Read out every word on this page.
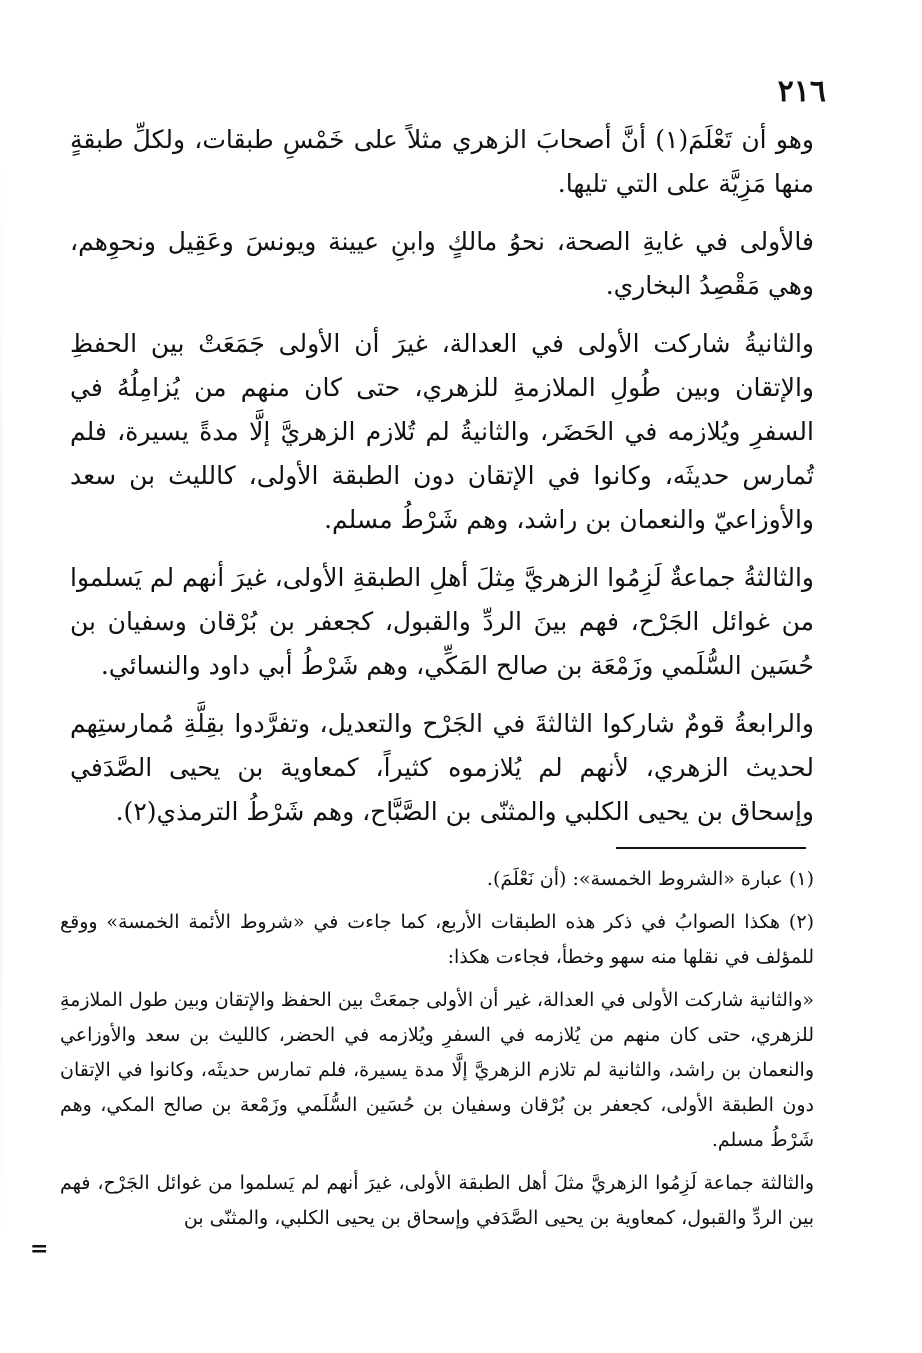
٢١٦

وهو أن تَعْلَمَ(١) أنَّ أصحابَ الزهري مثلاً على خَمْسِ طبقات، ولكلِّ طبقةٍ منها مَزِيَّة على التي تليها.

فالأولى في غايةِ الصحة، نحوُ مالكٍ وابنِ عيينة ويونسَ وعَقِيل ونحوِهم، وهي مَقْصِدُ البخاري.

والثانيةُ شاركت الأولى في العدالة، غيرَ أن الأولى جَمَعَتْ بين الحفظِ والإتقان وبين طُولِ الملازمةِ للزهري، حتى كان منهم من يُزامِلُهُ في السفرِ ويُلازمه في الحَضَر، والثانيةُ لم تُلازم الزهريَّ إلَّا مدةً يسيرة، فلم تُمارس حديثَه، وكانوا في الإتقان دون الطبقة الأولى، كالليث بن سعد والأوزاعيّ والنعمان بن راشد، وهم شَرْطُ مسلم.

والثالثةُ جماعةٌ لَزِمُوا الزهريَّ مِثلَ أهلِ الطبقةِ الأولى، غيرَ أنهم لم يَسلموا من غوائل الجَرْح، فهم بينَ الردِّ والقبول، كجعفر بن بُرْقان وسفيان بن حُسَين السُّلَمي وزَمْعَة بن صالح المَكِّي، وهم شَرْطُ أبي داود والنسائي.

والرابعةُ قومٌ شاركوا الثالثةَ في الجَرْح والتعديل، وتفرَّدوا بقِلَّةِ مُمارستِهم لحديث الزهري، لأنهم لم يُلازموه كثيراً، كمعاوية بن يحيى الصَّدَفي وإسحاق بن يحيى الكلبي والمثنّى بن الصَّبَّاح، وهم شَرْطُ الترمذي(٢).

(١) عبارة «الشروط الخمسة»: (أن نَعْلَمَ).

(٢) هكذا الصوابُ في ذكر هذه الطبقات الأربع، كما جاءت في «شروط الأئمة الخمسة» ووقع للمؤلف في نقلها منه سهو وخطأ، فجاءت هكذا:

«والثانية شاركت الأولى في العدالة، غير أن الأولى جمعَتْ بين الحفظ والإتقان وبين طول الملازمةِ للزهري، حتى كان منهم من يُلازمه في السفرِ ويُلازمه في الحضر، كالليث بن سعد والأوزاعي والنعمان بن راشد، والثانية لم تلازم الزهريَّ إلَّا مدة يسيرة، فلم تمارس حديثَه، وكانوا في الإتقان دون الطبقة الأولى، كجعفر بن بُرْقان وسفيان بن حُسَين السُّلَمي وزَمْعة بن صالح المكي، وهم شَرْطُ مسلم.

والثالثة جماعة لَزِمُوا الزهريَّ مثلَ أهل الطبقة الأولى، غيرَ أنهم لم يَسلموا من غوائل الجَرْح، فهم بين الردِّ والقبول، كمعاوية بن يحيى الصَّدَفي وإسحاق بن يحيى الكلبي، والمثنّى بن

=
